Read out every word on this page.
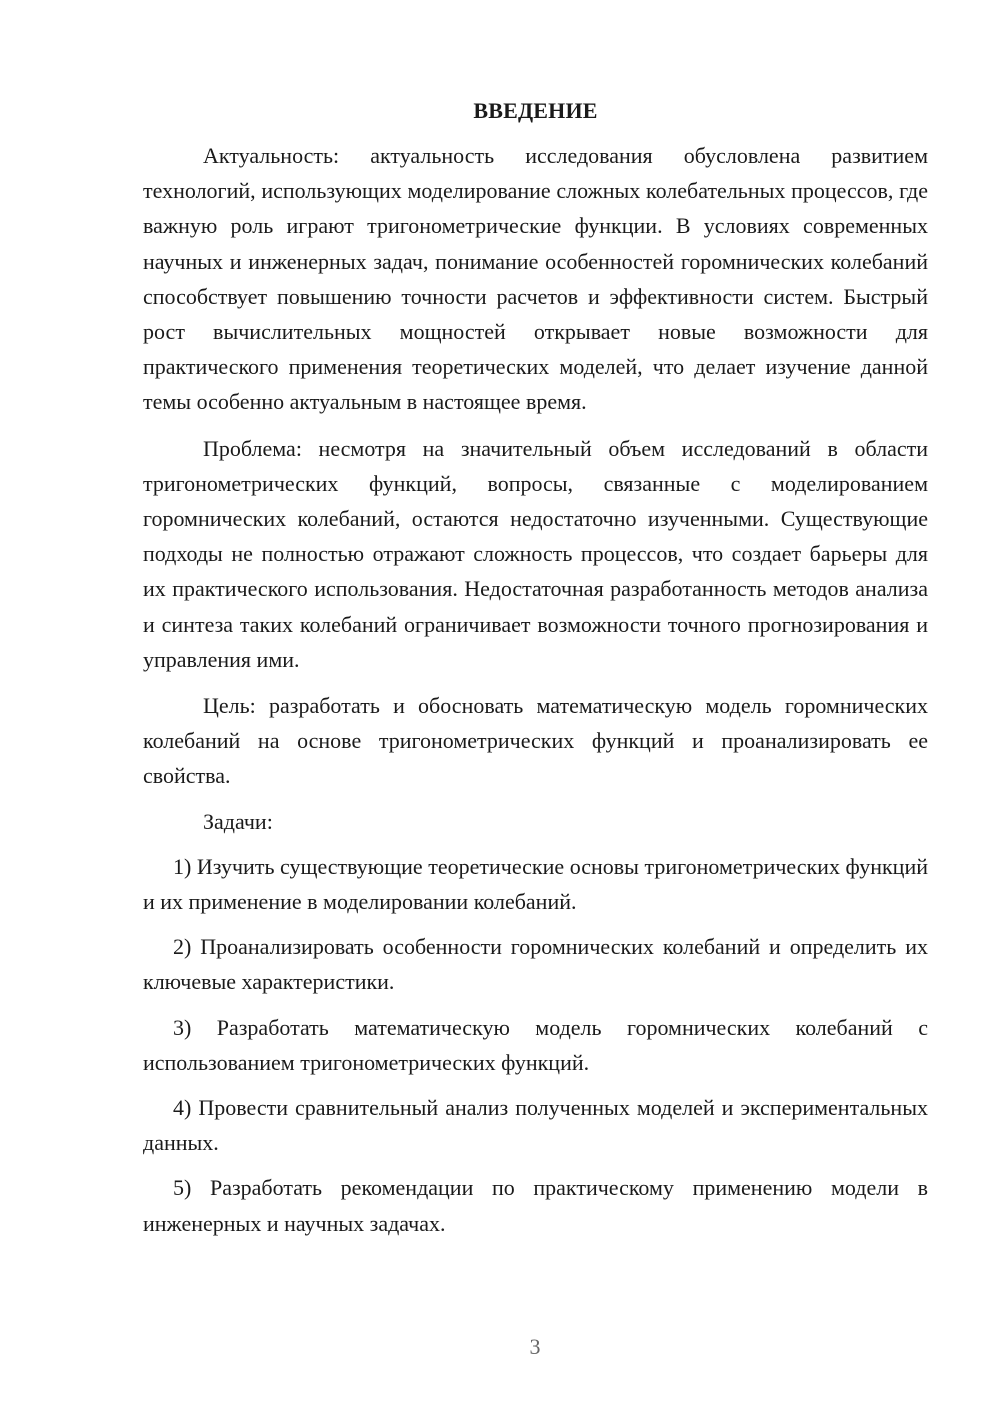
ВВЕДЕНИЕ

Актуальность: актуальность исследования обусловлена развитием технологий, использующих моделирование сложных колебательных процессов, где важную роль играют тригонометрические функции. В условиях современных научных и инженерных задач, понимание особенностей горомнических колебаний способствует повышению точности расчетов и эффективности систем. Быстрый рост вычислительных мощностей открывает новые возможности для практического применения теоретических моделей, что делает изучение данной темы особенно актуальным в настоящее время.

Проблема: несмотря на значительный объем исследований в области тригонометрических функций, вопросы, связанные с моделированием горомнических колебаний, остаются недостаточно изученными. Существующие подходы не полностью отражают сложность процессов, что создает барьеры для их практического использования. Недостаточная разработанность методов анализа и синтеза таких колебаний ограничивает возможности точного прогнозирования и управления ими.

Цель: разработать и обосновать математическую модель горомнических колебаний на основе тригонометрических функций и проанализировать ее свойства.

Задачи:

1) Изучить существующие теоретические основы тригонометрических функций и их применение в моделировании колебаний.

2) Проанализировать особенности горомнических колебаний и определить их ключевые характеристики.

3) Разработать математическую модель горомнических колебаний с использованием тригонометрических функций.

4) Провести сравнительный анализ полученных моделей и экспериментальных данных.

5) Разработать рекомендации по практическому применению модели в инженерных и научных задачах.

3
